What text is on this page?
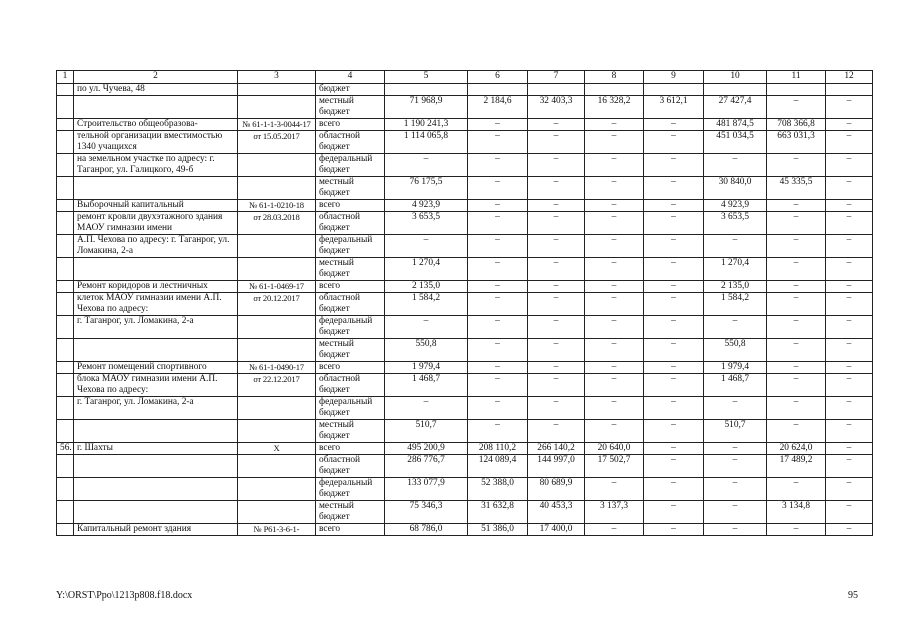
1	2	3	4	5	6	7	8	9	10	11	12
	по ул. Чучева, 48		бюджет								
			местный бюджет	71 968,9	2 184,6	32 403,3	16 328,2	3 612,1	27 427,4	–	–
	Строительство общеобразова-	№ 61-1-1-3-0044-17	всего	1 190 241,3	–	–	–	–	481 874,5	708 366,8	–
	тельной организации вместимостью 1340 учащихся	от 15.05.2017	областной бюджет	1 114 065,8	–	–	–	–	451 034,5	663 031,3	–
	на земельном участке по адресу: г. Таганрог, ул. Галицкого, 49-б		федеральный бюджет	–	–	–	–	–	–	–	–
			местный бюджет	76 175,5	–	–	–	–	30 840,0	45 335,5	–
	Выборочный капитальный	№ 61-1-0210-18	всего	4 923,9	–	–	–	–	4 923,9	–	–
	ремонт кровли двухэтажного здания МАОУ гимназии имени	от 28.03.2018	областной бюджет	3 653,5	–	–	–	–	3 653,5	–	–
	А.П. Чехова по адресу: г. Таганрог, ул. Ломакина, 2-а		федеральный бюджет	–	–	–	–	–	–	–	–
			местный бюджет	1 270,4	–	–	–	–	1 270,4	–	–
	Ремонт коридоров и лестничных	№ 61-1-0469-17	всего	2 135,0	–	–	–	–	2 135,0	–	–
	клеток МАОУ гимназии имени А.П. Чехова по адресу:	от 20.12.2017	областной бюджет	1 584,2	–	–	–	–	1 584,2	–	–
	г. Таганрог, ул. Ломакина, 2-а		федеральный бюджет	–	–	–	–	–	–	–	–
			местный бюджет	550,8	–	–	–	–	550,8	–	–
	Ремонт помещений спортивного	№ 61-1-0490-17	всего	1 979,4	–	–	–	–	1 979,4	–	–
	блока МАОУ гимназии имени А.П. Чехова по адресу:	от 22.12.2017	областной бюджет	1 468,7	–	–	–	–	1 468,7	–	–
	г. Таганрог, ул. Ломакина, 2-а		федеральный бюджет	–	–	–	–	–	–	–	–
			местный бюджет	510,7	–	–	–	–	510,7	–	–
56.	г. Шахты	Х	всего	495 200,9	208 110,2	266 140,2	20 640,0	–	–	20 624,0	–
			областной бюджет	286 776,7	124 089,4	144 997,0	17 502,7	–	–	17 489,2	–
			федеральный бюджет	133 077,9	52 388,0	80 689,9	–	–	–	–	–
			местный бюджет	75 346,3	31 632,8	40 453,3	3 137,3	–	–	3 134,8	–
	Капитальный ремонт здания	№ Р61-3-6-1-	всего	68 786,0	51 386,0	17 400,0	–	–	–	–	–
Y:\ORST\Ppo\1213p808.f18.docx	95
